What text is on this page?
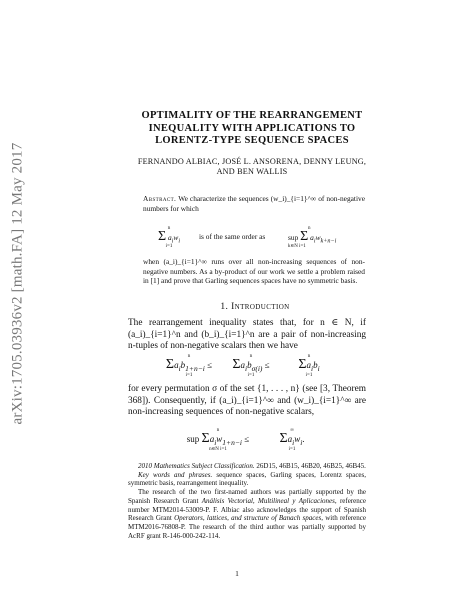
arXiv:1705.03936v2 [math.FA] 12 May 2017
OPTIMALITY OF THE REARRANGEMENT
INEQUALITY WITH APPLICATIONS TO
LORENTZ-TYPE SEQUENCE SPACES
FERNANDO ALBIAC, JOSÉ L. ANSORENA, DENNY LEUNG,
AND BEN WALLIS
Abstract. We characterize the sequences (w_i)_{i=1}^∞ of non-negative numbers for which
n
Σ $a_iw_i$
i=1
is of the same order as
n
sup Σ $a_iw_{k+n-i}$
k∈N i=1
when (a_i)_{i=1}^∞ runs over all non-increasing sequences of non-negative numbers. As a by-product of our work we settle a problem raised in [1] and prove that Garling sequences spaces have no symmetric basis.
1. Introduction
The rearrangement inequality states that, for n ∈ N, if (a_i)_{i=1}^n and (b_i)_{i=1}^n are a pair of non-increasing n-tuples of non-negative scalars then we have
n
$\Sigma a_ib_{1+n-i}$ ≤
i=1
n
$\Sigma a_ib_{\sigma(i)}$ ≤
i=1
n
$\Sigma a_ib_i$
i=1
for every permutation σ of the set {1, . . . , n} (see [3, Theorem 368]). Consequently, if (a_i)_{i=1}^∞ and (w_i)_{i=1}^∞ are non-increasing sequences of non-negative scalars,
n
sup $\Sigma a_iw_{1+n-i}$ ≤
n∈N i=1
∞
$\Sigma a_iw_i$.
i=1

2010 Mathematics Subject Classification. 26D15, 46B15, 46B20, 46B25, 46B45.

Key words and phrases. sequence spaces, Garling spaces, Lorentz spaces, symmetric basis, rearrangement inequality.

The research of the two first-named authors was partially supported by the Spanish Research Grant Análisis Vectorial, Multilineal y Aplicaciones, reference number MTM2014-53009-P. F. Albiac also acknowledges the support of Spanish Research Grant Operators, lattices, and structure of Banach spaces, with reference MTM2016-76808-P. The research of the third author was partially supported by AcRF grant R-146-000-242-114.

1
